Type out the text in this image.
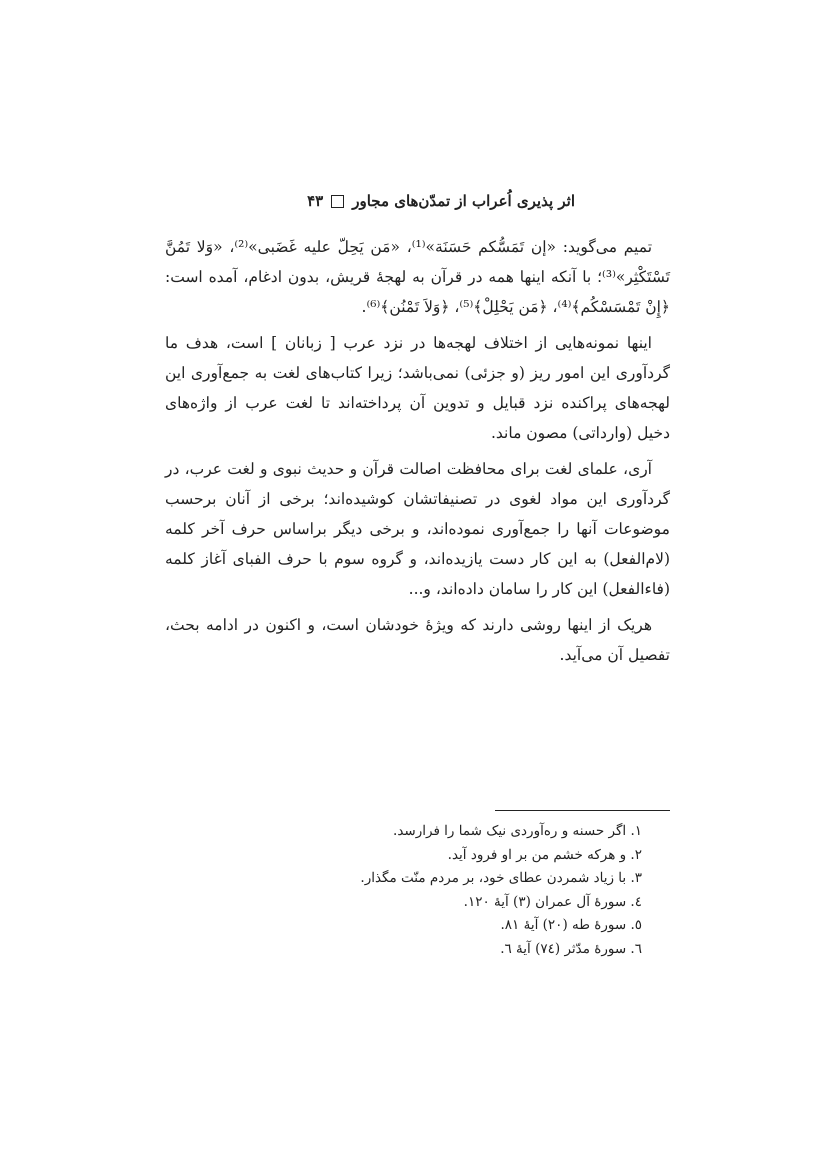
اثر پذیری اُعراب از تمدّن‌های مجاور
۴۳

تمیم می‌گوید: «إن تَمَسُّکم حَسَنَة»⁽¹⁾، «مَن یَحِلّ علیه غَضَبی»⁽²⁾، «وَلا تَمُنَّ تَسْتَکْثِر»⁽³⁾؛ با آنکه اینها همه در قرآن به لهجهٔ قریش، بدون ادغام، آمده است: ﴿إِنْ تَمْسَسْکُم﴾⁽⁴⁾، ﴿مَن یَحْلِلْ﴾⁽⁵⁾، ﴿وَلاَ تَمْنُن﴾⁽⁶⁾.

اینها نمونه‌هایی از اختلاف لهجه‌ها در نزد عرب [ زبانان ] است، هدف ما گردآوری این امور ریز (و جزئی) نمی‌باشد؛ زیرا کتاب‌های لغت به جمع‌آوری این لهجه‌های پراکنده نزد قبایل و تدوین آن پرداخته‌اند تا لغت عرب از واژه‌های دخیل (وارداتی) مصون ماند.

آری، علمای لغت برای محافظت اصالت قرآن و حدیث نبوی و لغت عرب، در گردآوری این مواد لغوی در تصنیفاتشان کوشیده‌اند؛ برخی از آنان برحسب موضوعات آنها را جمع‌آوری نموده‌اند، و برخی دیگر براساس حرف آخر کلمه (لام‌الفعل) به این کار دست یازیده‌اند، و گروه سوم با حرف الفبای آغاز کلمه (فاءالفعل) این کار را سامان داده‌اند، و...

هریک از اینها روشی دارند که ویژهٔ خودشان است، و اکنون در ادامه بحث، تفصیل آن می‌آید.

١. اگر حسنه و ره‌آوردی نیک شما را فرارسد.
٢. و هرکه خشم من بر او فرود آید.
٣. با زیاد شمردن عطای خود، بر مردم منّت مگذار.
٤. سورهٔ آل عمران (٣) آیهٔ ١٢٠.
٥. سورهٔ طه (٢٠) آیهٔ ٨١.
٦. سورهٔ مدّثر (٧٤) آیهٔ ٦.
